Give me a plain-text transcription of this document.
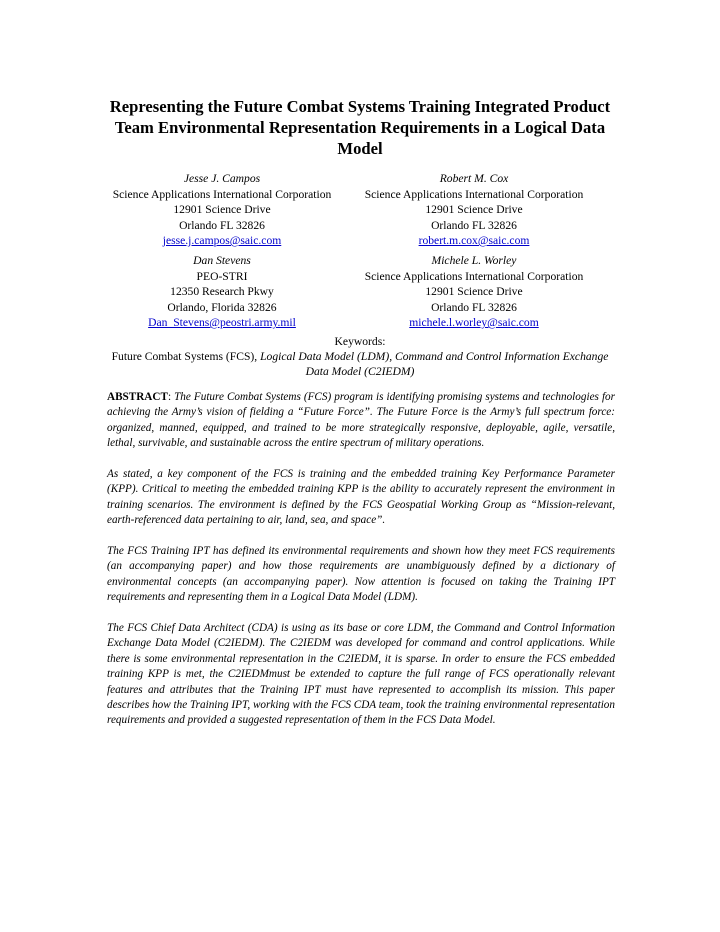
Representing the Future Combat Systems Training Integrated Product Team Environmental Representation Requirements in a Logical Data Model
Jesse J. Campos
Science Applications International Corporation
12901 Science Drive
Orlando FL 32826
jesse.j.campos@saic.com
Robert M. Cox
Science Applications International Corporation
12901 Science Drive
Orlando FL 32826
robert.m.cox@saic.com
Dan Stevens
PEO-STRI
12350 Research Pkwy
Orlando, Florida 32826
Dan_Stevens@peostri.army.mil
Michele L. Worley
Science Applications International Corporation
12901 Science Drive
Orlando FL 32826
michele.l.worley@saic.com
Keywords:
Future Combat Systems (FCS), Logical Data Model (LDM), Command and Control Information Exchange Data Model (C2IEDM)

ABSTRACT: The Future Combat Systems (FCS) program is identifying promising systems and technologies for achieving the Army’s vision of fielding a “Future Force”. The Future Force is the Army’s full spectrum force: organized, manned, equipped, and trained to be more strategically responsive, deployable, agile, versatile, lethal, survivable, and sustainable across the entire spectrum of military operations.

As stated, a key component of the FCS is training and the embedded training Key Performance Parameter (KPP). Critical to meeting the embedded training KPP is the ability to accurately represent the environment in training scenarios. The environment is defined by the FCS Geospatial Working Group as “Mission-relevant, earth-referenced data pertaining to air, land, sea, and space”.

The FCS Training IPT has defined its environmental requirements and shown how they meet FCS requirements (an accompanying paper) and how those requirements are unambiguously defined by a dictionary of environmental concepts (an accompanying paper). Now attention is focused on taking the Training IPT requirements and representing them in a Logical Data Model (LDM).

The FCS Chief Data Architect (CDA) is using as its base or core LDM, the Command and Control Information Exchange Data Model (C2IEDM). The C2IEDM was developed for command and control applications. While there is some environmental representation in the C2IEDM, it is sparse. In order to ensure the FCS embedded training KPP is met, the C2IEDMmust be extended to capture the full range of FCS operationally relevant features and attributes that the Training IPT must have represented to accomplish its mission. This paper describes how the Training IPT, working with the FCS CDA team, took the training environmental representation requirements and provided a suggested representation of them in the FCS Data Model.
